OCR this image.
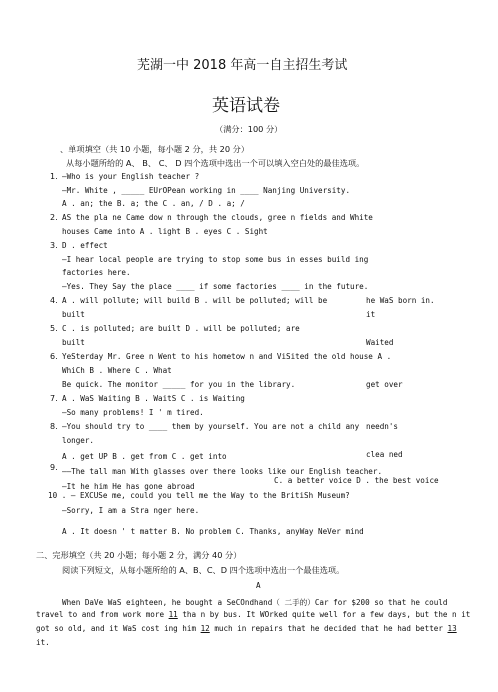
芜湖一中 2018 年高一自主招生考试
英语试卷
（满分：100 分）
、单项填空（共 10 小题，每小题 2 分，共 20 分）
从每小题所给的 A、 B、 C、 D 四个选项中选出一个可以填入空白处的最佳选项。
1.
2.
3.
4.
5.
6.
7.
8.
9.
—Who is your English teacher ?
—Mr. White , _____ EUrOPean working in ____ Nanjing University.
A . an; the B. a; the C . an, / D . a; /
AS the pla ne Came dow n through the clouds, gree n fields and White
houses Came into A . light B . eyes C . Sight
D . effect
—I hear local people are trying to stop some bus in esses build ing
factories here.
—Yes. They Say the place ____ if some factories ____ in the future.
A . will pollute; will build B . will be polluted; will be
built
C . is polluted; are built D . will be polluted; are
built
YeSterday Mr. Gree n Went to his hometow n and ViSited the old house A .
WhiCh B . Where C . What
Be quick. The monitor _____ for you in the library.
A . WaS Waiting B . WaitS C . is Waiting
—So many problems! I ' m tired.
—You should try to ____ them by yourself. You are not a child any
longer.
A . get UP B . get from C . get into
——The tall man With glasses over there looks like our English teacher.
—It he him He has gone abroad
he WaS born in.
it
Waited
get over
needn's
clea ned
C. a better voice D . the best voice
10 . — EXCUSe me, could you tell me the Way to the BritiSh Museum?
—Sorry, I am a Stra nger here.
A . It doesn ' t matter B. No problem C. Thanks, anyWay NeVer mind
二、完形填空（共 20 小题；每小题 2 分，满分 40 分）
阅读下列短文，从每小题所给的 A、B、C、D 四个选项中选出一个最佳选项。
A
When DaVe WaS eighteen, he bought a SeCOndhand（ 二手的）Car for $200 so that he could
travel to and from work more 11 tha n by bus. It WOrked quite well for a few days, but the n it
got so old, and it WaS cost ing him 12 much in repairs that he decided that he had better 13
it.
